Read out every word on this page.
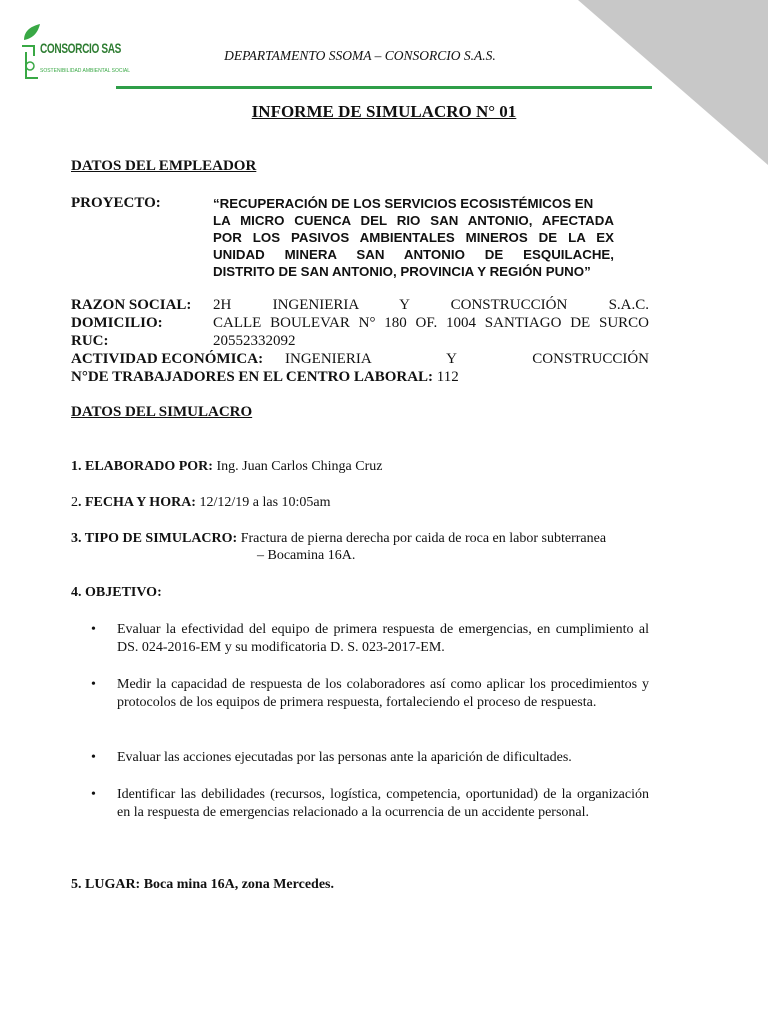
CONSORCIO SAS
SOSTENIBILIDAD AMBIENTAL SOCIAL
DEPARTAMENTO SSOMA – CONSORCIO S.A.S.
INFORME DE SIMULACRO N° 01
DATOS DEL EMPLEADOR
PROYECTO:	“RECUPERACIÓN DE LOS SERVICIOS ECOSISTÉMICOS EN
LA MICRO CUENCA DEL RIO SAN ANTONIO, AFECTADA
POR LOS PASIVOS AMBIENTALES MINEROS DE LA EX
UNIDAD MINERA SAN ANTONIO DE ESQUILACHE,
DISTRITO DE SAN ANTONIO, PROVINCIA Y REGIÓN PUNO”
RAZON SOCIAL:	2H INGENIERIA Y CONSTRUCCIÓN S.A.C.
DOMICILIO:	CALLE BOULEVAR N° 180 OF. 1004 SANTIAGO DE SURCO
RUC:	20552332092
ACTIVIDAD ECONÓMICA:	INGENIERIA Y CONSTRUCCIÓN
N°DE TRABAJADORES EN EL CENTRO LABORAL: 112
DATOS DEL SIMULACRO
1. ELABORADO POR: Ing. Juan Carlos Chinga Cruz
2. FECHA Y HORA: 12/12/19 a las 10:05am
3. TIPO DE SIMULACRO: Fractura de pierna derecha por caida de roca en labor subterranea
– Bocamina 16A.
4. OBJETIVO:
• Evaluar la efectividad del equipo de primera respuesta de emergencias, en cumplimiento al DS. 024-2016-EM y su modificatoria D. S. 023-2017-EM.
• Medir la capacidad de respuesta de los colaboradores así como aplicar los procedimientos y protocolos de los equipos de primera respuesta, fortaleciendo el proceso de respuesta.
• Evaluar las acciones ejecutadas por las personas ante la aparición de dificultades.
• Identificar las debilidades (recursos, logística, competencia, oportunidad) de la organización en la respuesta de emergencias relacionado a la ocurrencia de un accidente personal.
5. LUGAR: Boca mina 16A, zona Mercedes.
